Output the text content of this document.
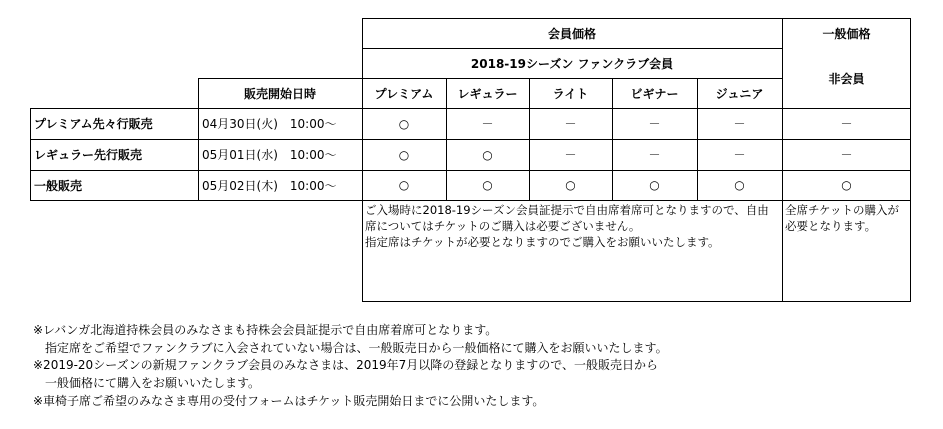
会員価格	一般価格
2018-19シーズン ファンクラブ会員
非会員
販売開始日時	プレミアム	レギュラー	ライト	ビギナー	ジュニア
プレミアム先々行販売	04月30日(火)　10:00～	○	－	－	－	－	－
レギュラー先行販売	05月01日(水)　10:00～	○	○	－	－	－	－
一般販売	05月02日(木)　10:00～	○	○	○	○	○	○
ご入場時に2018-19シーズン会員証提示で自由席着席可となりますので、自由席についてはチケットのご購入は必要ございません。
指定席はチケットが必要となりますのでご購入をお願いいたします。
全席チケットの購入が必要となります。
※レバンガ北海道持株会員のみなさまも持株会会員証提示で自由席着席可となります。
　指定席をご希望でファンクラブに入会されていない場合は、一般販売日から一般価格にて購入をお願いいたします。
※2019-20シーズンの新規ファンクラブ会員のみなさまは、2019年7月以降の登録となりますので、一般販売日から
　一般価格にて購入をお願いいたします。
※車椅子席ご希望のみなさま専用の受付フォームはチケット販売開始日までに公開いたします。
